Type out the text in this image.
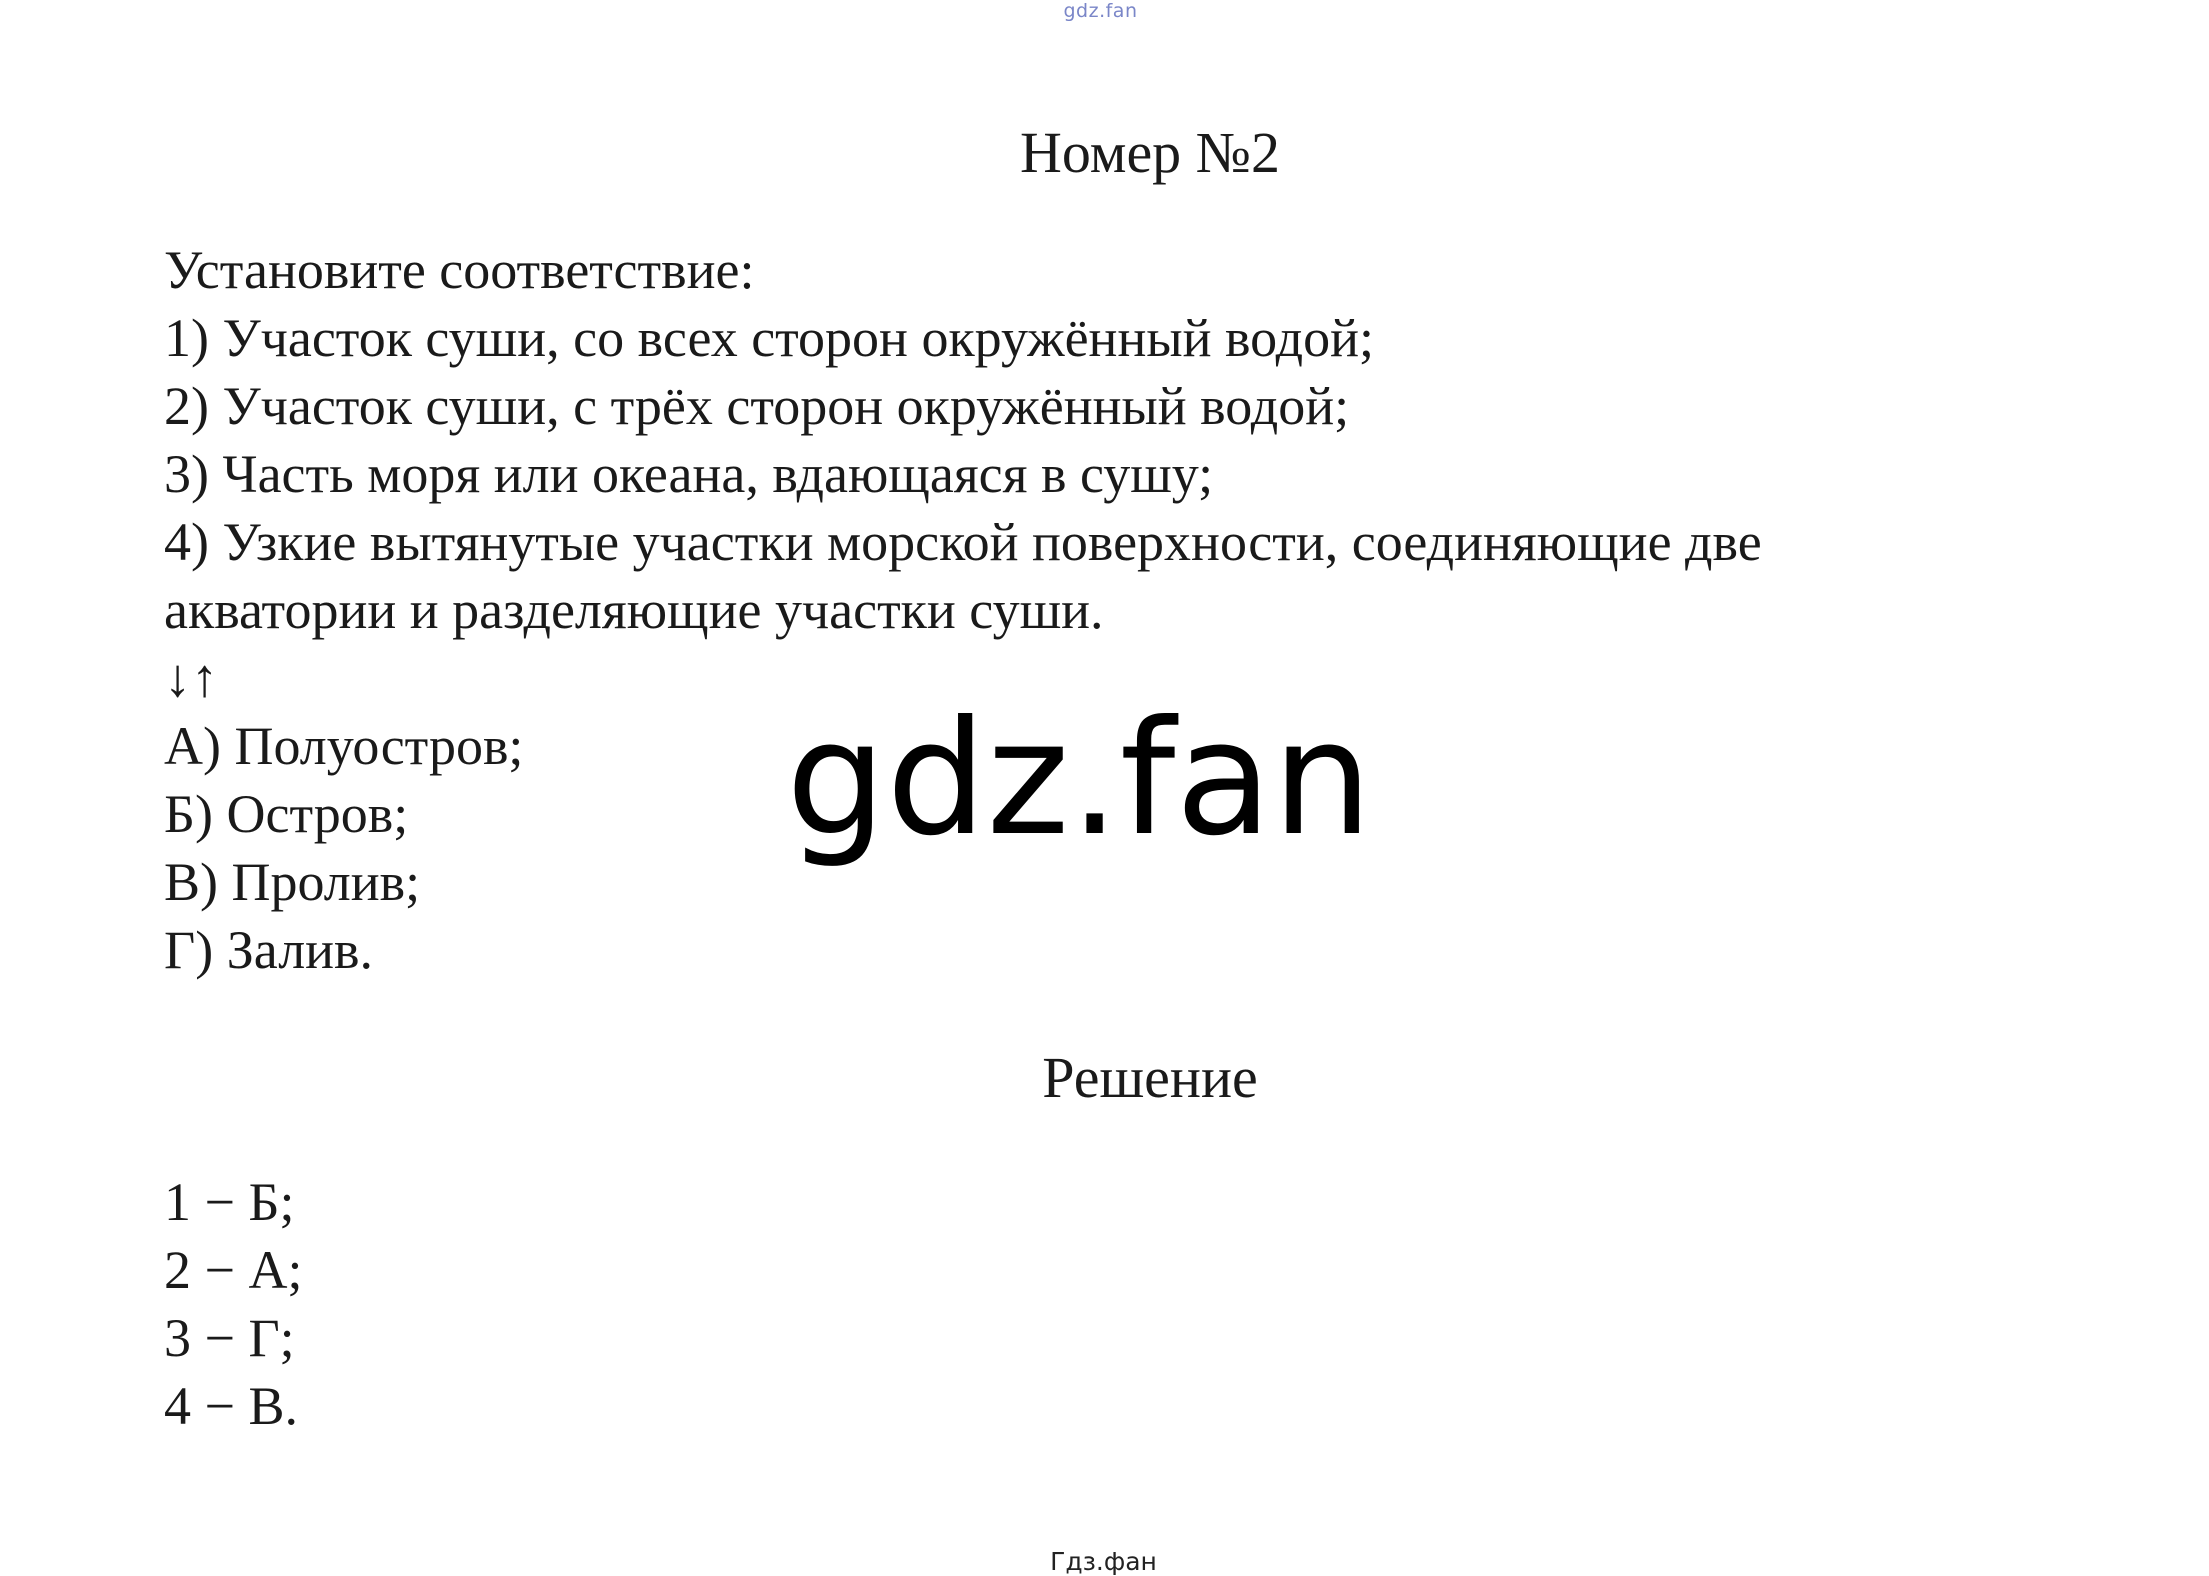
gdz.fan
Номер №2
Установите соответствие:
1) Участок суши, со всех сторон окружённый водой;
2) Участок суши, с трёх сторон окружённый водой;
3) Часть моря или океана, вдающаяся в сушу;
4) Узкие вытянутые участки морской поверхности, соединяющие две
акватории и разделяющие участки суши.
↓↑
А) Полуостров;
Б) Остров;
В) Пролив;
Г) Залив.
gdz.fan
Решение
1 − Б;
2 − А;
3 − Г;
4 − В.
Гдз.фан
